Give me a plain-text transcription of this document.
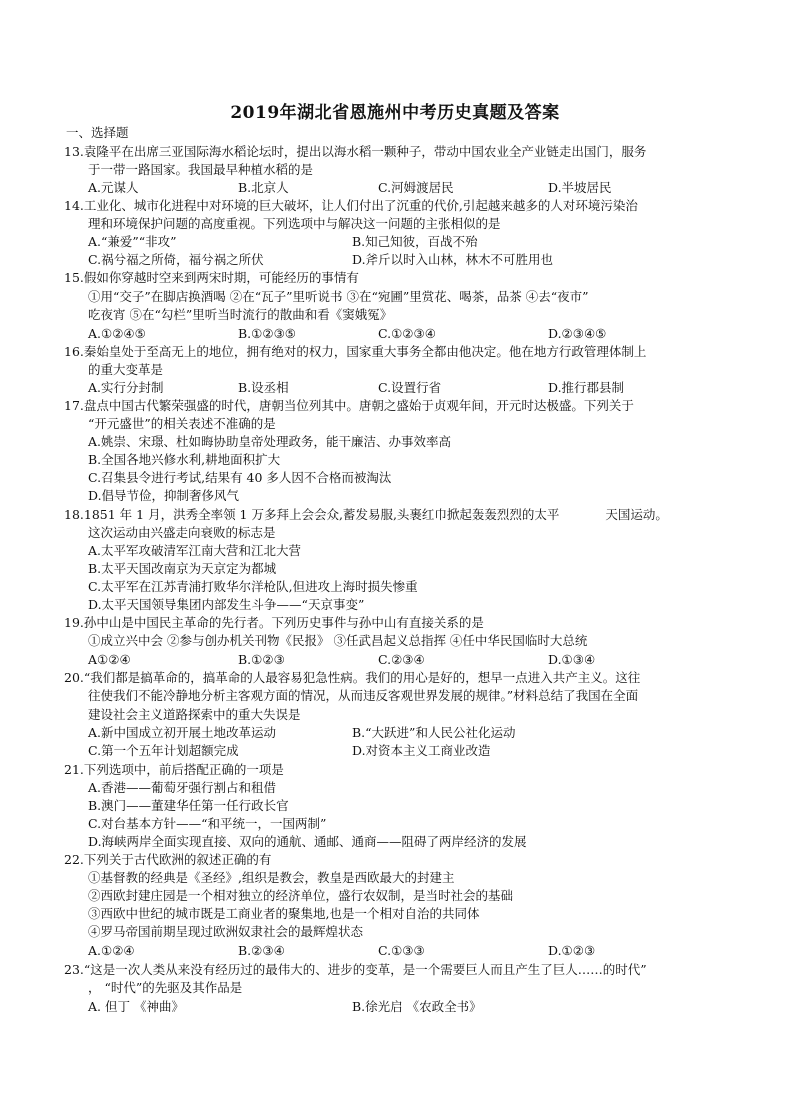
2019年湖北省恩施州中考历史真题及答案
一、选择题
13.袁隆平在出席三亚国际海水稻论坛时，提出以海水稻一颗种子，带动中国农业全产业链走出国门，服务
于一带一路国家。我国最早种植水稻的是
A.元谋人	B.北京人	C.河姆渡居民	D.半坡居民
14.工业化、城市化进程中对环境的巨大破坏，让人们付出了沉重的代价,引起越来越多的人对环境污染治
理和环境保护问题的高度重视。下列选项中与解决这一问题的主张相似的是
A.“兼爱”“非攻”	B.知己知彼，百战不殆
C.祸兮福之所倚，福兮祸之所伏	D.斧斤以时入山林，林木不可胜用也
15.假如你穿越时空来到两宋时期，可能经历的事情有
①用“交子”在脚店换酒喝 ②在“瓦子”里听说书 ③在“宛圃”里赏花、喝茶，品茶 ④去“夜市”
吃夜宵 ⑤在“勾栏”里听当时流行的散曲和看《窦娥冤》
A.①②④⑤	B.①②③⑤	C.①②③④	D.②③④⑤
16.秦始皇处于至高无上的地位，拥有绝对的权力，国家重大事务全都由他决定。他在地方行政管理体制上
的重大变革是
A.实行分封制	B.设丞相	C.设置行省	D.推行郡县制
17.盘点中国古代繁荣强盛的时代，唐朝当位列其中。唐朝之盛始于贞观年间，开元时达极盛。下列关于
“开元盛世”的相关表述不准确的是
A.姚崇、宋璟、杜如晦协助皇帝处理政务，能干廉洁、办事效率高
B.全国各地兴修水利,耕地面积扩大
C.召集县令进行考试,结果有 40 多人因不合格而被淘汰
D.倡导节俭，抑制奢侈风气
18.1851 年 1 月，洪秀全率领 1 万多拜上会会众,蓄发易服,头裹红巾掀起轰轰烈烈的太平	天国运动。
这次运动由兴盛走向衰败的标志是
A.太平军攻破清军江南大营和江北大营
B.太平天国改南京为天京定为都城
C.太平军在江苏青浦打败华尔洋枪队,但进攻上海时损失惨重
D.太平天国领导集团内部发生斗争——“天京事变”
19.孙中山是中国民主革命的先行者。下列历史事件与孙中山有直接关系的是
①成立兴中会 ②参与创办机关刊物《民报》 ③任武昌起义总指挥 ④任中华民国临时大总统
A①②④	B.①②③	C.②③④	D.①③④
20.“我们都是搞革命的，搞革命的人最容易犯急性病。我们的用心是好的，想早一点进入共产主义。这往
往使我们不能冷静地分析主客观方面的情况，从而违反客观世界发展的规律。”材料总结了我国在全面
建设社会主义道路探索中的重大失误是
A.新中国成立初开展土地改革运动	B.“大跃进”和人民公社化运动
C.第一个五年计划超额完成	D.对资本主义工商业改造
21.下列选项中，前后搭配正确的一项是
A.香港——葡萄牙强行割占和租借
B.澳门——董建华任第一任行政长官
C.对台基本方针——“和平统一，一国两制”
D.海峡两岸全面实现直接、双向的通航、通邮、通商——阻碍了两岸经济的发展
22.下列关于古代欧洲的叙述正确的有
①基督教的经典是《圣经》,组织是教会，教皇是西欧最大的封建主
②西欧封建庄园是一个相对独立的经济单位，盛行农奴制，是当时社会的基础
③西欧中世纪的城市既是工商业者的聚集地,也是一个相对自治的共同体
④罗马帝国前期呈现过欧洲奴隶社会的最辉煌状态
A.①②④	B.②③④	C.①③③	D.①②③
23.“这是一次人类从来没有经历过的最伟大的、进步的变革，是一个需要巨人而且产生了巨人……的时代”
， “时代”的先驱及其作品是
A. 但丁 《神曲》	B.徐光启 《农政全书》
